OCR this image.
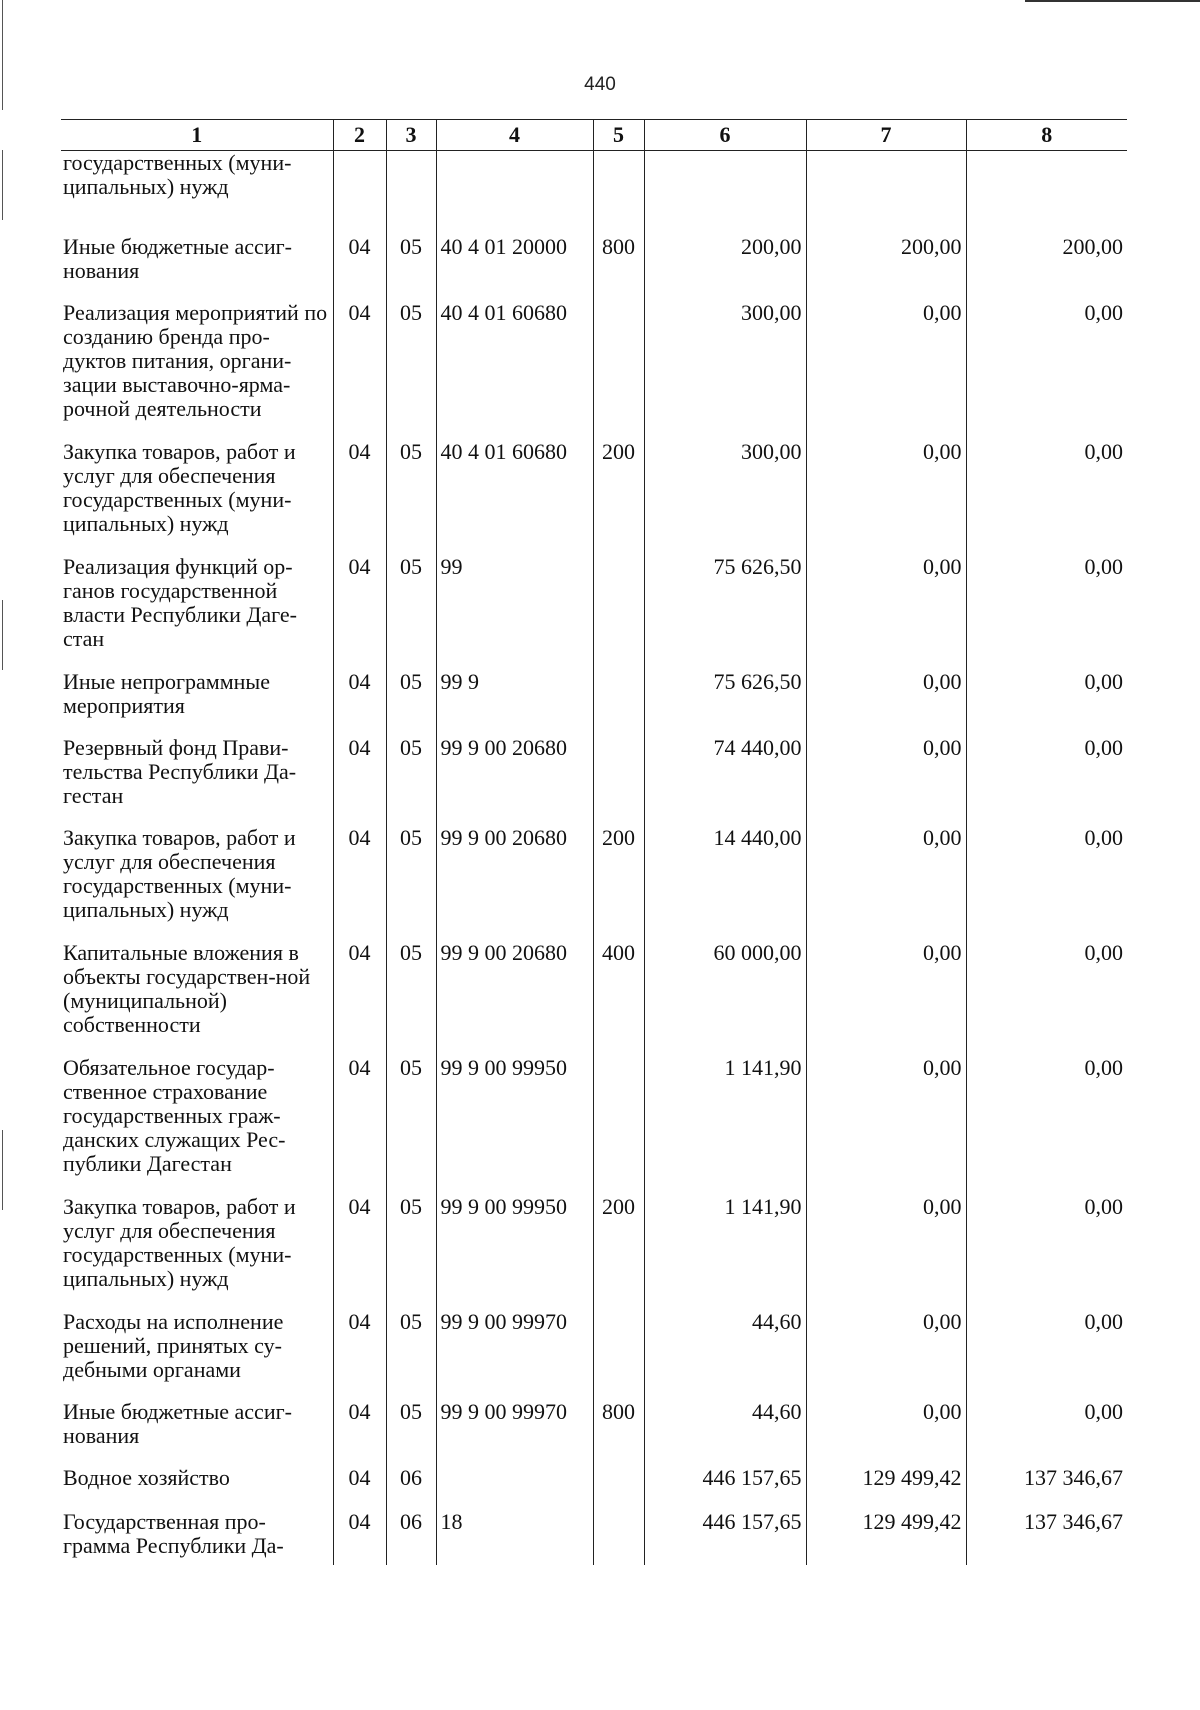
440
1	2	3	4	5	6	7	8
государственных (муни-ципальных) нужд							
Иные бюджетные ассиг-нования	04	05	40 4 01 20000	800	200,00	200,00	200,00
Реализация мероприятий по созданию бренда про-дуктов питания, органи-зации выставочно-ярма-рочной деятельности	04	05	40 4 01 60680		300,00	0,00	0,00
Закупка товаров, работ и услуг для обеспечения государственных (муни-ципальных) нужд	04	05	40 4 01 60680	200	300,00	0,00	0,00
Реализация функций ор-ганов государственной власти Республики Даге-стан	04	05	99		75 626,50	0,00	0,00
Иные непрограммные мероприятия	04	05	99 9		75 626,50	0,00	0,00
Резервный фонд Прави-тельства Республики Да-гестан	04	05	99 9 00 20680		74 440,00	0,00	0,00
Закупка товаров, работ и услуг для обеспечения государственных (муни-ципальных) нужд	04	05	99 9 00 20680	200	14 440,00	0,00	0,00
Капитальные вложения в объекты государствен-ной (муниципальной) собственности	04	05	99 9 00 20680	400	60 000,00	0,00	0,00
Обязательное государ-ственное страхование государственных граж-данских служащих Рес-публики Дагестан	04	05	99 9 00 99950		1 141,90	0,00	0,00
Закупка товаров, работ и услуг для обеспечения государственных (муни-ципальных) нужд	04	05	99 9 00 99950	200	1 141,90	0,00	0,00
Расходы на исполнение решений, принятых су-дебными органами	04	05	99 9 00 99970		44,60	0,00	0,00
Иные бюджетные ассиг-нования	04	05	99 9 00 99970	800	44,60	0,00	0,00
Водное хозяйство	04	06			446 157,65	129 499,42	137 346,67
Государственная про-грамма Республики Да-	04	06	18		446 157,65	129 499,42	137 346,67
